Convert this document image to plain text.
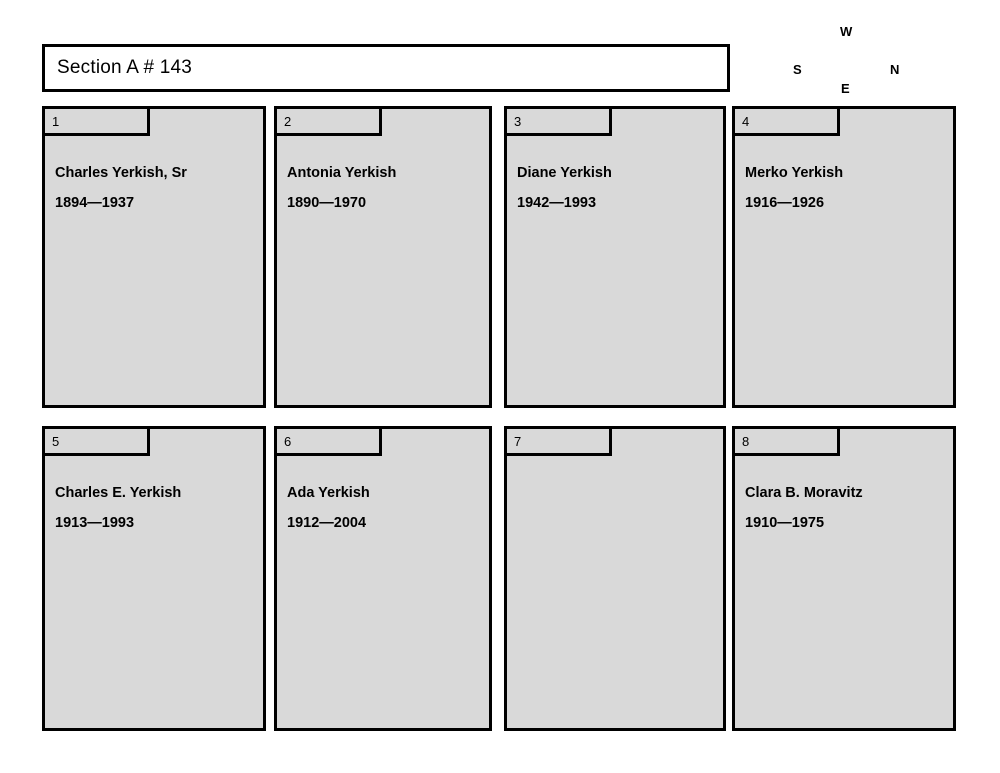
Section A # 143
W
S	N
E
1
Charles Yerkish, Sr
1894—1937
2
Antonia Yerkish
1890—1970
3
Diane Yerkish
1942—1993
4
Merko Yerkish
1916—1926
5
Charles E. Yerkish
1913—1993
6
Ada Yerkish
1912—2004
7	8
Clara B. Moravitz
1910—1975
